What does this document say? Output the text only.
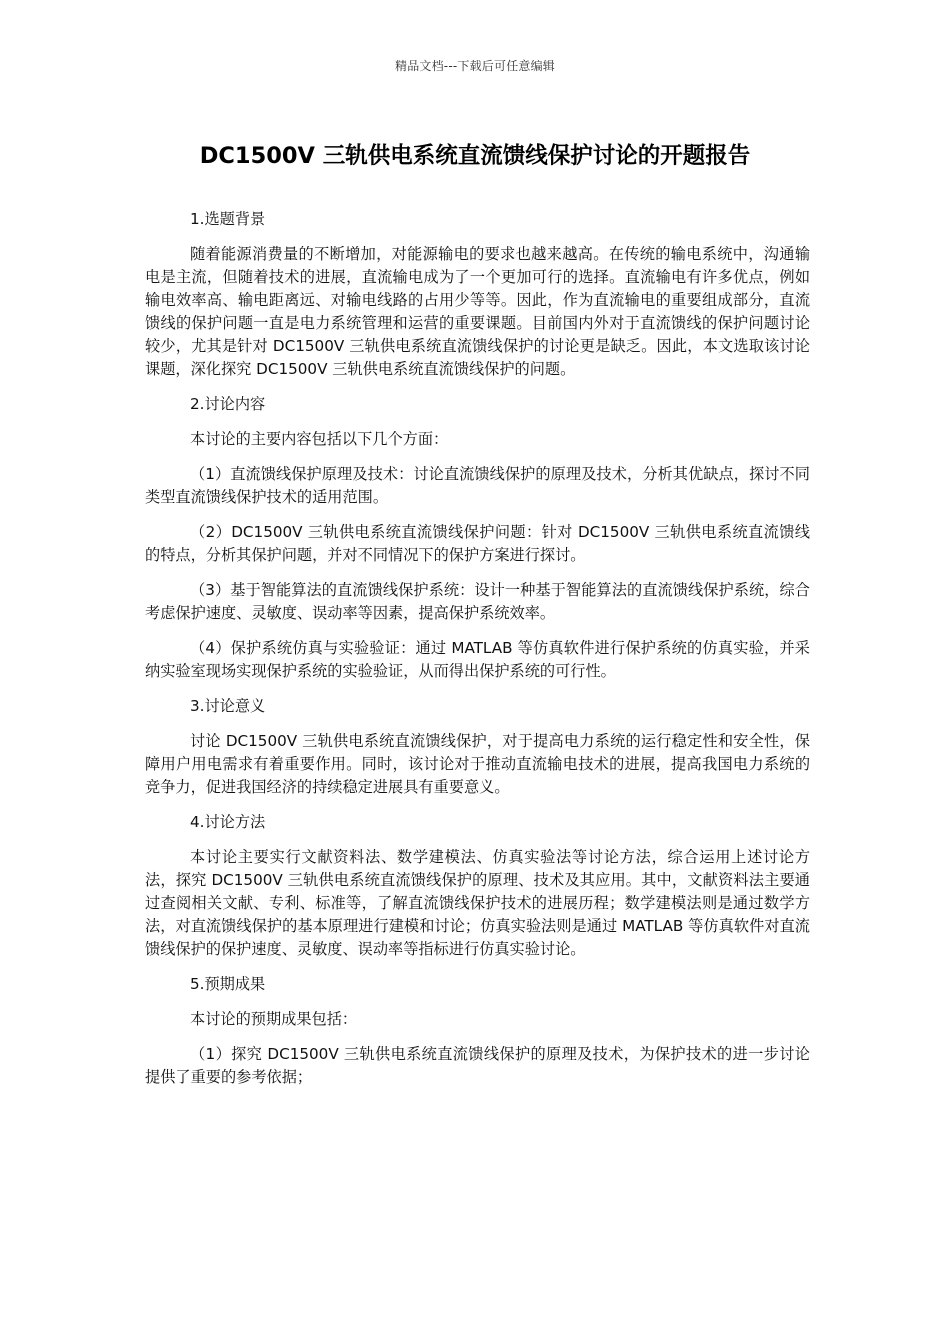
精品文档---下载后可任意编辑
DC1500V 三轨供电系统直流馈线保护讨论的开题报告

1.选题背景

随着能源消费量的不断增加，对能源输电的要求也越来越高。在传统的输电系统中，沟通输电是主流，但随着技术的进展，直流输电成为了一个更加可行的选择。直流输电有许多优点，例如输电效率高、输电距离远、对输电线路的占用少等等。因此，作为直流输电的重要组成部分，直流馈线的保护问题一直是电力系统管理和运营的重要课题。目前国内外对于直流馈线的保护问题讨论较少，尤其是针对 DC1500V 三轨供电系统直流馈线保护的讨论更是缺乏。因此，本文选取该讨论课题，深化探究 DC1500V 三轨供电系统直流馈线保护的问题。

2.讨论内容

本讨论的主要内容包括以下几个方面：

（1）直流馈线保护原理及技术：讨论直流馈线保护的原理及技术，分析其优缺点，探讨不同类型直流馈线保护技术的适用范围。

（2）DC1500V 三轨供电系统直流馈线保护问题：针对 DC1500V 三轨供电系统直流馈线的特点，分析其保护问题，并对不同情况下的保护方案进行探讨。

（3）基于智能算法的直流馈线保护系统：设计一种基于智能算法的直流馈线保护系统，综合考虑保护速度、灵敏度、误动率等因素，提高保护系统效率。

（4）保护系统仿真与实验验证：通过 MATLAB 等仿真软件进行保护系统的仿真实验，并采纳实验室现场实现保护系统的实验验证，从而得出保护系统的可行性。

3.讨论意义

讨论 DC1500V 三轨供电系统直流馈线保护，对于提高电力系统的运行稳定性和安全性，保障用户用电需求有着重要作用。同时，该讨论对于推动直流输电技术的进展，提高我国电力系统的竞争力，促进我国经济的持续稳定进展具有重要意义。

4.讨论方法

本讨论主要实行文献资料法、数学建模法、仿真实验法等讨论方法，综合运用上述讨论方法，探究 DC1500V 三轨供电系统直流馈线保护的原理、技术及其应用。其中，文献资料法主要通过查阅相关文献、专利、标准等，了解直流馈线保护技术的进展历程；数学建模法则是通过数学方法，对直流馈线保护的基本原理进行建模和讨论；仿真实验法则是通过 MATLAB 等仿真软件对直流馈线保护的保护速度、灵敏度、误动率等指标进行仿真实验讨论。

5.预期成果

本讨论的预期成果包括：

（1）探究 DC1500V 三轨供电系统直流馈线保护的原理及技术，为保护技术的进一步讨论提供了重要的参考依据；
